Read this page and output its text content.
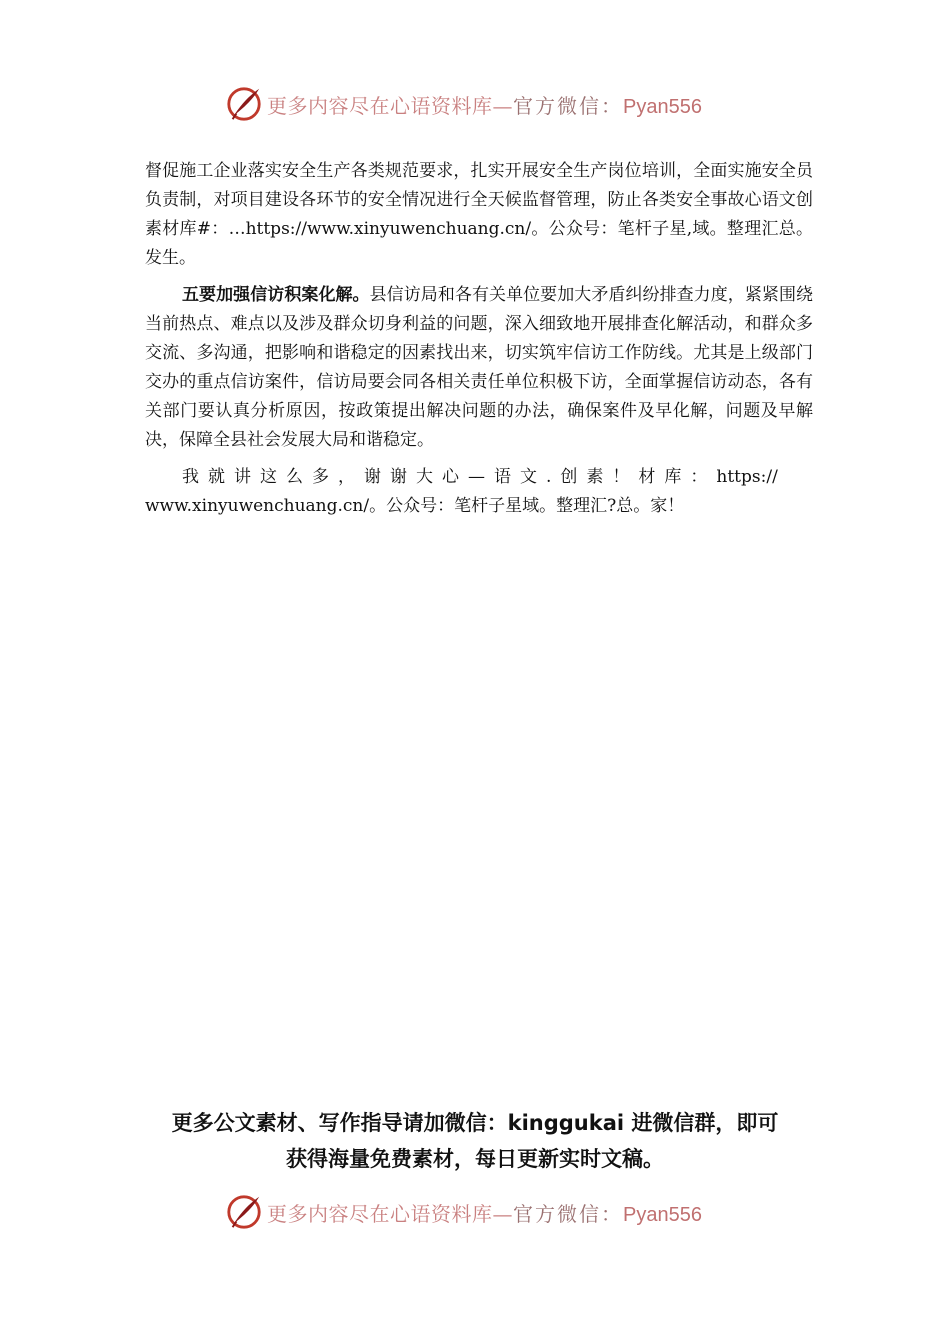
更多内容尽在心语资料库—官方微信：Pyan556

督促施工企业落实安全生产各类规范要求，扎实开展安全生产岗位培训，全面实施安全员负责制，对项目建设各环节的安全情况进行全天候监督管理，防止各类安全事故心语文创素材库#：…https://www.xinyuwenchuang.cn/。公众号：笔杆子星,域。整理汇总。发生。

五要加强信访积案化解。县信访局和各有关单位要加大矛盾纠纷排查力度，紧紧围绕当前热点、难点以及涉及群众切身利益的问题，深入细致地开展排查化解活动，和群众多交流、多沟通，把影响和谐稳定的因素找出来，切实筑牢信访工作防线。尤其是上级部门交办的重点信访案件，信访局要会同各相关责任单位积极下访，全面掌握信访动态，各有关部门要认真分析原因，按政策提出解决问题的办法，确保案件及早化解，问题及早解决，保障全县社会发展大局和谐稳定。

我就讲这么多，谢谢大心—语文.创素！材库：https://
www.xinyuwenchuang.cn/。公众号：笔杆子星域。整理汇?总。家！

更多公文素材、写作指导请加微信：kinggukai 进微信群，即可
获得海量免费素材，每日更新实时文稿。
更多内容尽在心语资料库—官方微信：Pyan556
